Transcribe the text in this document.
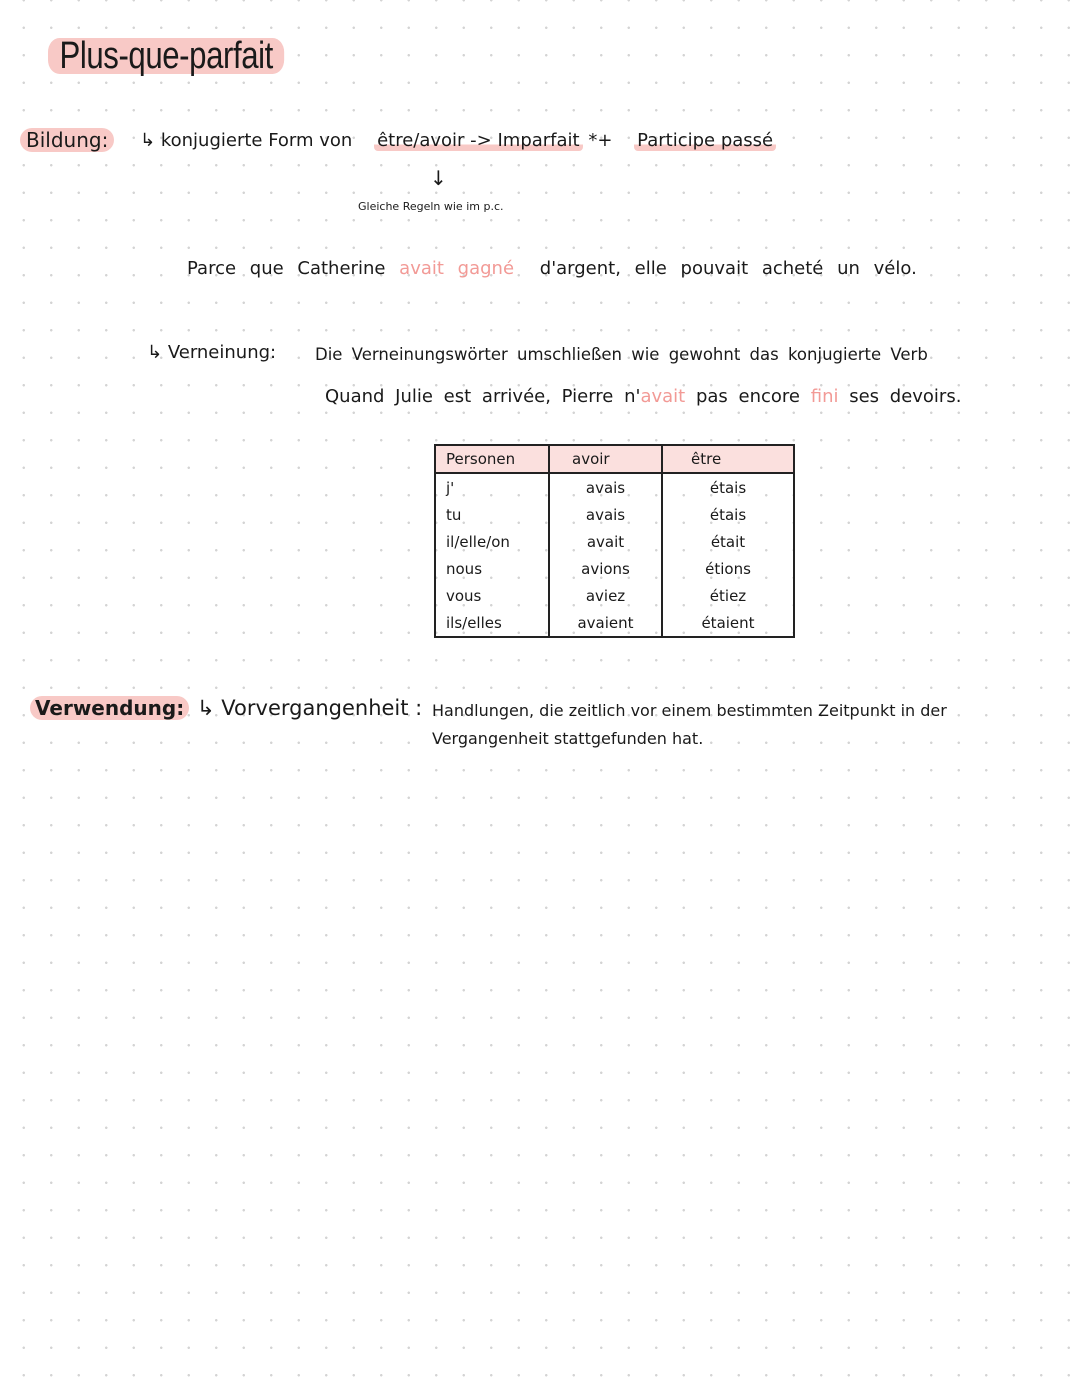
Plus-que-parfait
Bildung:	↳ konjugierte Form von être/avoir -> Imparfait *+ Participe passé
↓
Gleiche Regeln wie im p.c.
Parce que Catherine avait gagné d'argent, elle pouvait acheté un vélo.
↳ Verneinung: Die Verneinungswörter umschließen wie gewohnt das konjugierte Verb
Quand Julie est arrivée, Pierre n'avait pas encore fini ses devoirs.
Personen	avoir	être
j'	avais	étais
tu	avais	étais
il/elle/on	avait	était
nous	avions	étions
vous	aviez	étiez
ils/elles	avaient	étaient
Verwendung: ↳ Vorvergangenheit : Handlungen, die zeitlich vor einem bestimmten Zeitpunkt in der
Vergangenheit stattgefunden hat.
